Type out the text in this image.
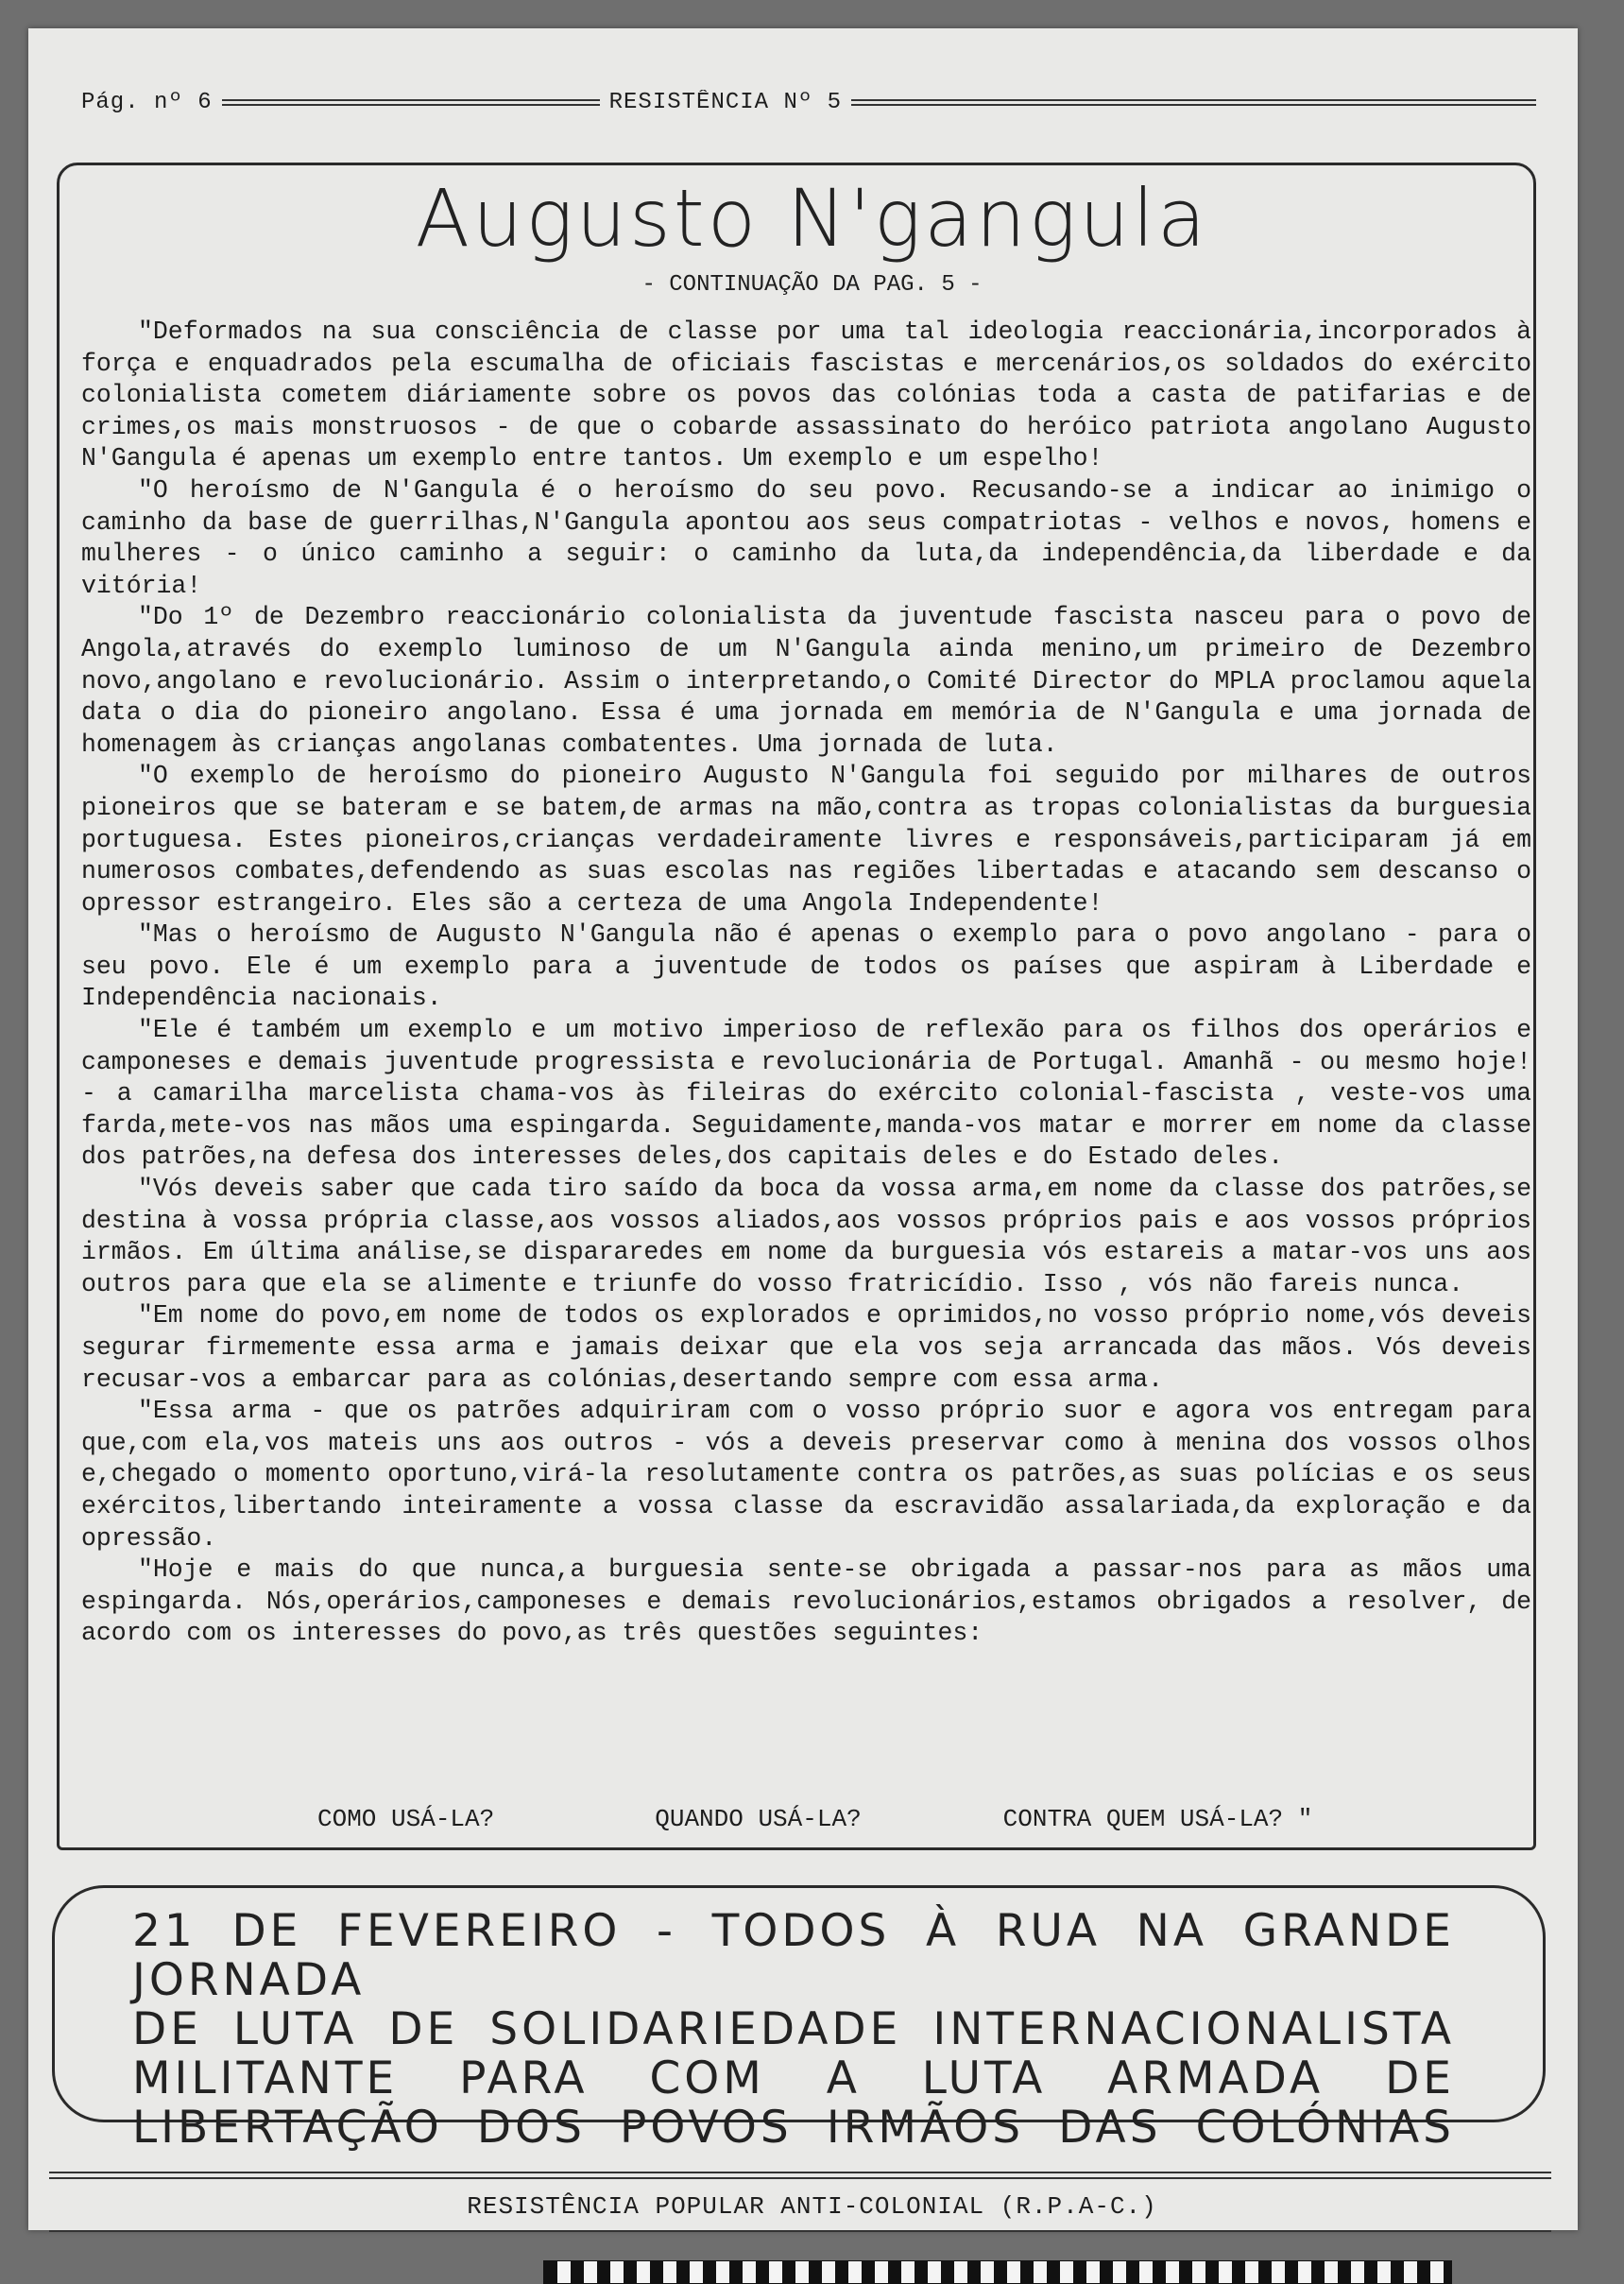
Pág. nº 6	RESISTÊNCIA Nº 5
Augusto N'gangula
- CONTINUAÇÃO DA PAG. 5 -

"Deformados na sua consciência de classe por uma tal ideologia reaccionária,incorporados à força e enquadrados pela escumalha de oficiais fascistas e mercenários,os soldados do exército colonialista cometem diáriamente sobre os povos das colónias toda a casta de patifarias e de crimes,os mais monstruosos - de que o cobarde assassinato do heróico patriota angolano Augusto N'Gangula é apenas um exemplo entre tantos. Um exemplo e um espelho!

"O heroísmo de N'Gangula é o heroísmo do seu povo. Recusando-se a indicar ao inimigo o caminho da base de guerrilhas,N'Gangula apontou aos seus compatriotas - velhos e novos, homens e mulheres - o único caminho a seguir: o caminho da luta,da independência,da liberdade e da vitória!

"Do 1º de Dezembro reaccionário colonialista da juventude fascista nasceu para o povo de Angola,através do exemplo luminoso de um N'Gangula ainda menino,um primeiro de Dezembro novo,angolano e revolucionário. Assim o interpretando,o Comité Director do MPLA proclamou aquela data o dia do pioneiro angolano. Essa é uma jornada em memória de N'Gangula e uma jornada de homenagem às crianças angolanas combatentes. Uma jornada de luta.

"O exemplo de heroísmo do pioneiro Augusto N'Gangula foi seguido por milhares de outros pioneiros que se bateram e se batem,de armas na mão,contra as tropas colonialistas da burguesia portuguesa. Estes pioneiros,crianças verdadeiramente livres e responsáveis,participaram já em numerosos combates,defendendo as suas escolas nas regiões libertadas e atacando sem descanso o opressor estrangeiro. Eles são a certeza de uma Angola Independente!

"Mas o heroísmo de Augusto N'Gangula não é apenas o exemplo para o povo angolano - para o seu povo. Ele é um exemplo para a juventude de todos os países que aspiram à Liberdade e Independência nacionais.

"Ele é também um exemplo e um motivo imperioso de reflexão para os filhos dos operários e camponeses e demais juventude progressista e revolucionária de Portugal. Amanhã - ou mesmo hoje! - a camarilha marcelista chama-vos às fileiras do exército colonial-fascista , veste-vos uma farda,mete-vos nas mãos uma espingarda. Seguidamente,manda-vos matar e morrer em nome da classe dos patrões,na defesa dos interesses deles,dos capitais deles e do Estado deles.

"Vós deveis saber que cada tiro saído da boca da vossa arma,em nome da classe dos patrões,se destina à vossa própria classe,aos vossos aliados,aos vossos próprios pais e aos vossos próprios irmãos. Em última análise,se dispararedes em nome da burguesia vós estareis a matar-vos uns aos outros para que ela se alimente e triunfe do vosso fratricídio. Isso , vós não fareis nunca.

"Em nome do povo,em nome de todos os explorados e oprimidos,no vosso próprio nome,vós deveis segurar firmemente essa arma e jamais deixar que ela vos seja arrancada das mãos. Vós deveis recusar-vos a embarcar para as colónias,desertando sempre com essa arma.

"Essa arma - que os patrões adquiriram com o vosso próprio suor e agora vos entregam para que,com ela,vos mateis uns aos outros - vós a deveis preservar como à menina dos vossos olhos e,chegado o momento oportuno,virá-la resolutamente contra os patrões,as suas polícias e os seus exércitos,libertando inteiramente a vossa classe da escravidão assalariada,da exploração e da opressão.

"Hoje e mais do que nunca,a burguesia sente-se obrigada a passar-nos para as mãos uma espingarda. Nós,operários,camponeses e demais revolucionários,estamos obrigados a resolver, de acordo com os interesses do povo,as três questões seguintes:

COMO USÁ-LA?	QUANDO USÁ-LA?	CONTRA QUEM USÁ-LA? "
21 DE FEVEREIRO - TODOS À RUA NA GRANDE JORNADA
DE LUTA DE SOLIDARIEDADE INTERNACIONALISTA
MILITANTE PARA COM A LUTA ARMADA DE
LIBERTAÇÃO DOS POVOS IRMÃOS DAS COLÓNIAS
RESISTÊNCIA POPULAR ANTI-COLONIAL (R.P.A-C.)
